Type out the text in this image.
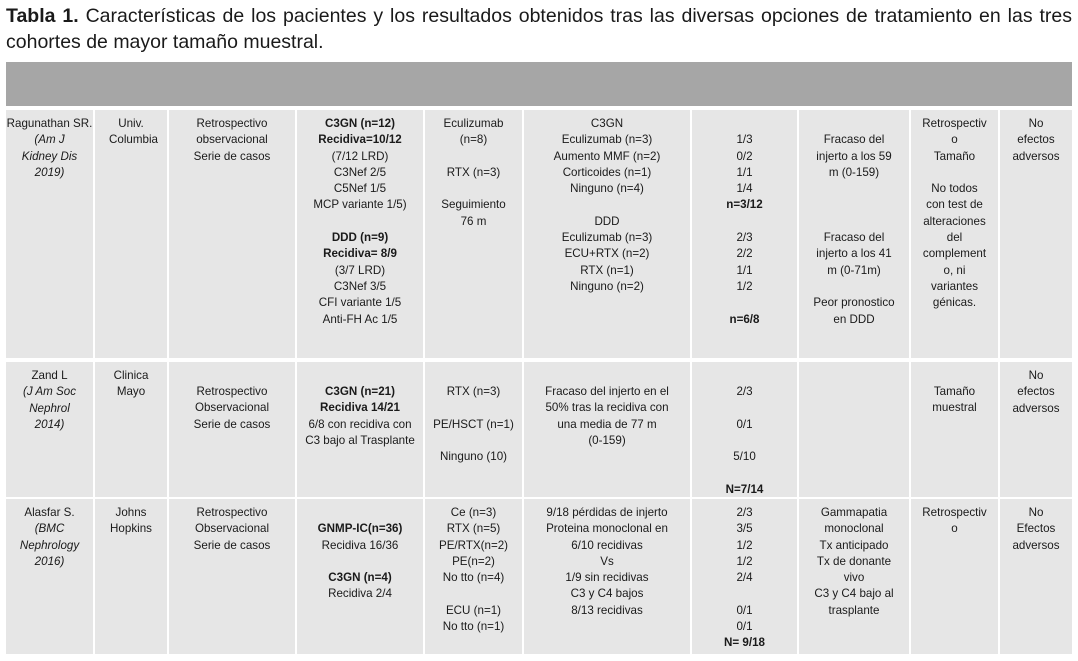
Tabla 1. Características de los pacientes y los resultados obtenidos tras las diversas opciones de tratamiento en las tres cohortes de mayor tamaño muestral.
Ragunathan SR.
(Am J Kidney Dis 2019)
Univ. Columbia
Retrospectivo
observacional
Serie de casos
C3GN (n=12)
Recidiva=10/12
(7/12 LRD)
C3Nef 2/5
C5Nef 1/5
MCP variante 1/5)
DDD (n=9)
Recidiva= 8/9
(3/7 LRD)
C3Nef 3/5
CFI variante 1/5
Anti-FH Ac 1/5
Eculizumab
(n=8)
RTX (n=3)
Seguimiento
76 m
C3GN
Eculizumab (n=3)
Aumento MMF (n=2)
Corticoides (n=1)
Ninguno (n=4)
DDD
Eculizumab (n=3)
ECU+RTX (n=2)
RTX (n=1)
Ninguno (n=2)
1/3
0/2
1/1
1/4
n=3/12
2/3
2/2
1/1
1/2
n=6/8
Fracaso del
injerto a los 59
m (0-159)
Fracaso del
injerto a los 41
m (0-71m)
Peor pronostico
en DDD
Retrospectiv
o
Tamaño
No todos
con test de
alteraciones
del
complement
o, ni
variantes
génicas.
No
efectos
adversos
Zand L
(J Am Soc Nephrol 2014)
Clinica Mayo	Retrospectivo
Observacional
Serie de casos
C3GN (n=21)
Recidiva 14/21
6/8 con recidiva con
C3 bajo al Trasplante
RTX (n=3)
PE/HSCT (n=1)
Ninguno (10)
Fracaso del injerto en el
50% tras la recidiva con
una media de 77 m
(0-159)
2/3
0/1
5/10
N=7/14
Tamaño
muestral
No
efectos
adversos
Alasfar S.
(BMC Nephrology 2016)
Johns Hopkins
Retrospectivo
Observacional
Serie de casos
GNMP-IC(n=36)
Recidiva 16/36
C3GN (n=4)
Recidiva 2/4
Ce (n=3)
RTX (n=5)
PE/RTX(n=2)
PE(n=2)
No tto (n=4)
ECU (n=1)
No tto (n=1)
9/18 pérdidas de injerto
Proteina monoclonal en
6/10 recidivas
Vs
1/9 sin recidivas
C3 y C4 bajos
8/13 recidivas
2/3
3/5
1/2
1/2
2/4
0/1
0/1
N= 9/18
Gammapatia
monoclonal
Tx anticipado
Tx de donante
vivo
C3 y C4 bajo al
trasplante
Retrospectiv
o
No
Efectos
adversos
